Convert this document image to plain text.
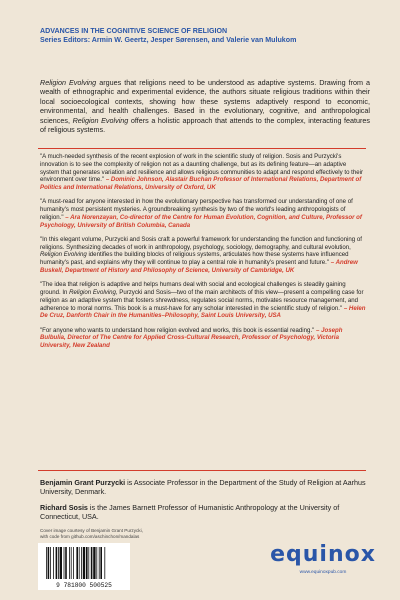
ADVANCES IN THE COGNITIVE SCIENCE OF RELIGION
Series Editors: Armin W. Geertz, Jesper Sørensen, and Valerie van Mulukom
Religion Evolving argues that religions need to be understood as adaptive systems. Drawing from a wealth of ethnographic and experimental evidence, the authors situate religious traditions within their local socioecological contexts, showing how these systems adaptively respond to economic, environmental, and health challenges. Based in the evolutionary, cognitive, and anthropological sciences, Religion Evolving offers a holistic approach that attends to the complex, interacting features of religious systems.
"A much-needed synthesis of the recent explosion of work in the scientific study of religion. Sosis and Purzycki's innovation is to see the complexity of religion not as a daunting challenge, but as its defining feature—an adaptive system that generates variation and resilience and allows religious communities to adapt and respond effectively to their environment over time." – Dominic Johnson, Alastair Buchan Professor of International Relations, Department of Politics and International Relations, University of Oxford, UK
"A must-read for anyone interested in how the evolutionary perspective has transformed our understanding of one of humanity's most persistent mysteries. A groundbreaking synthesis by two of the world's leading anthropologists of religion." – Ara Norenzayan, Co-director of the Centre for Human Evolution, Cognition, and Culture, Professor of Psychology, University of British Columbia, Canada
"In this elegant volume, Purzycki and Sosis craft a powerful framework for understanding the function and functioning of religions. Synthesizing decades of work in anthropology, psychology, sociology, demography, and cultural evolution, Religion Evolving identifies the building blocks of religious systems, articulates how these systems have influenced humanity's past, and explains why they will continue to play a central role in humanity's present and future." – Andrew Buskell, Department of History and Philosophy of Science, University of Cambridge, UK
"The idea that religion is adaptive and helps humans deal with social and ecological challenges is steadily gaining ground. In Religion Evolving, Purzycki and Sosis—two of the main architects of this view—present a compelling case for religion as an adaptive system that fosters shrewdness, regulates social norms, motivates resource management, and adherence to moral norms. This book is a must-have for any scholar interested in the scientific study of religion." – Helen De Cruz, Danforth Chair in the Humanities–Philosophy, Saint Louis University, USA
"For anyone who wants to understand how religion evolved and works, this book is essential reading." – Joseph Bulbulia, Director of The Centre for Applied Cross-Cultural Research, Professor of Psychology, Victoria University, New Zealand

Benjamin Grant Purzycki is Associate Professor in the Department of the Study of Religion at Aarhus University, Denmark.

Richard Sosis is the James Barnett Professor of Humanistic Anthropology at the University of Connecticut, USA.

Cover image courtesy of Benjamin Grant Purzycki,
with code from github.com/aschinchon/mandalas
9 781800 500525
equinox
www.equinoxpub.com
